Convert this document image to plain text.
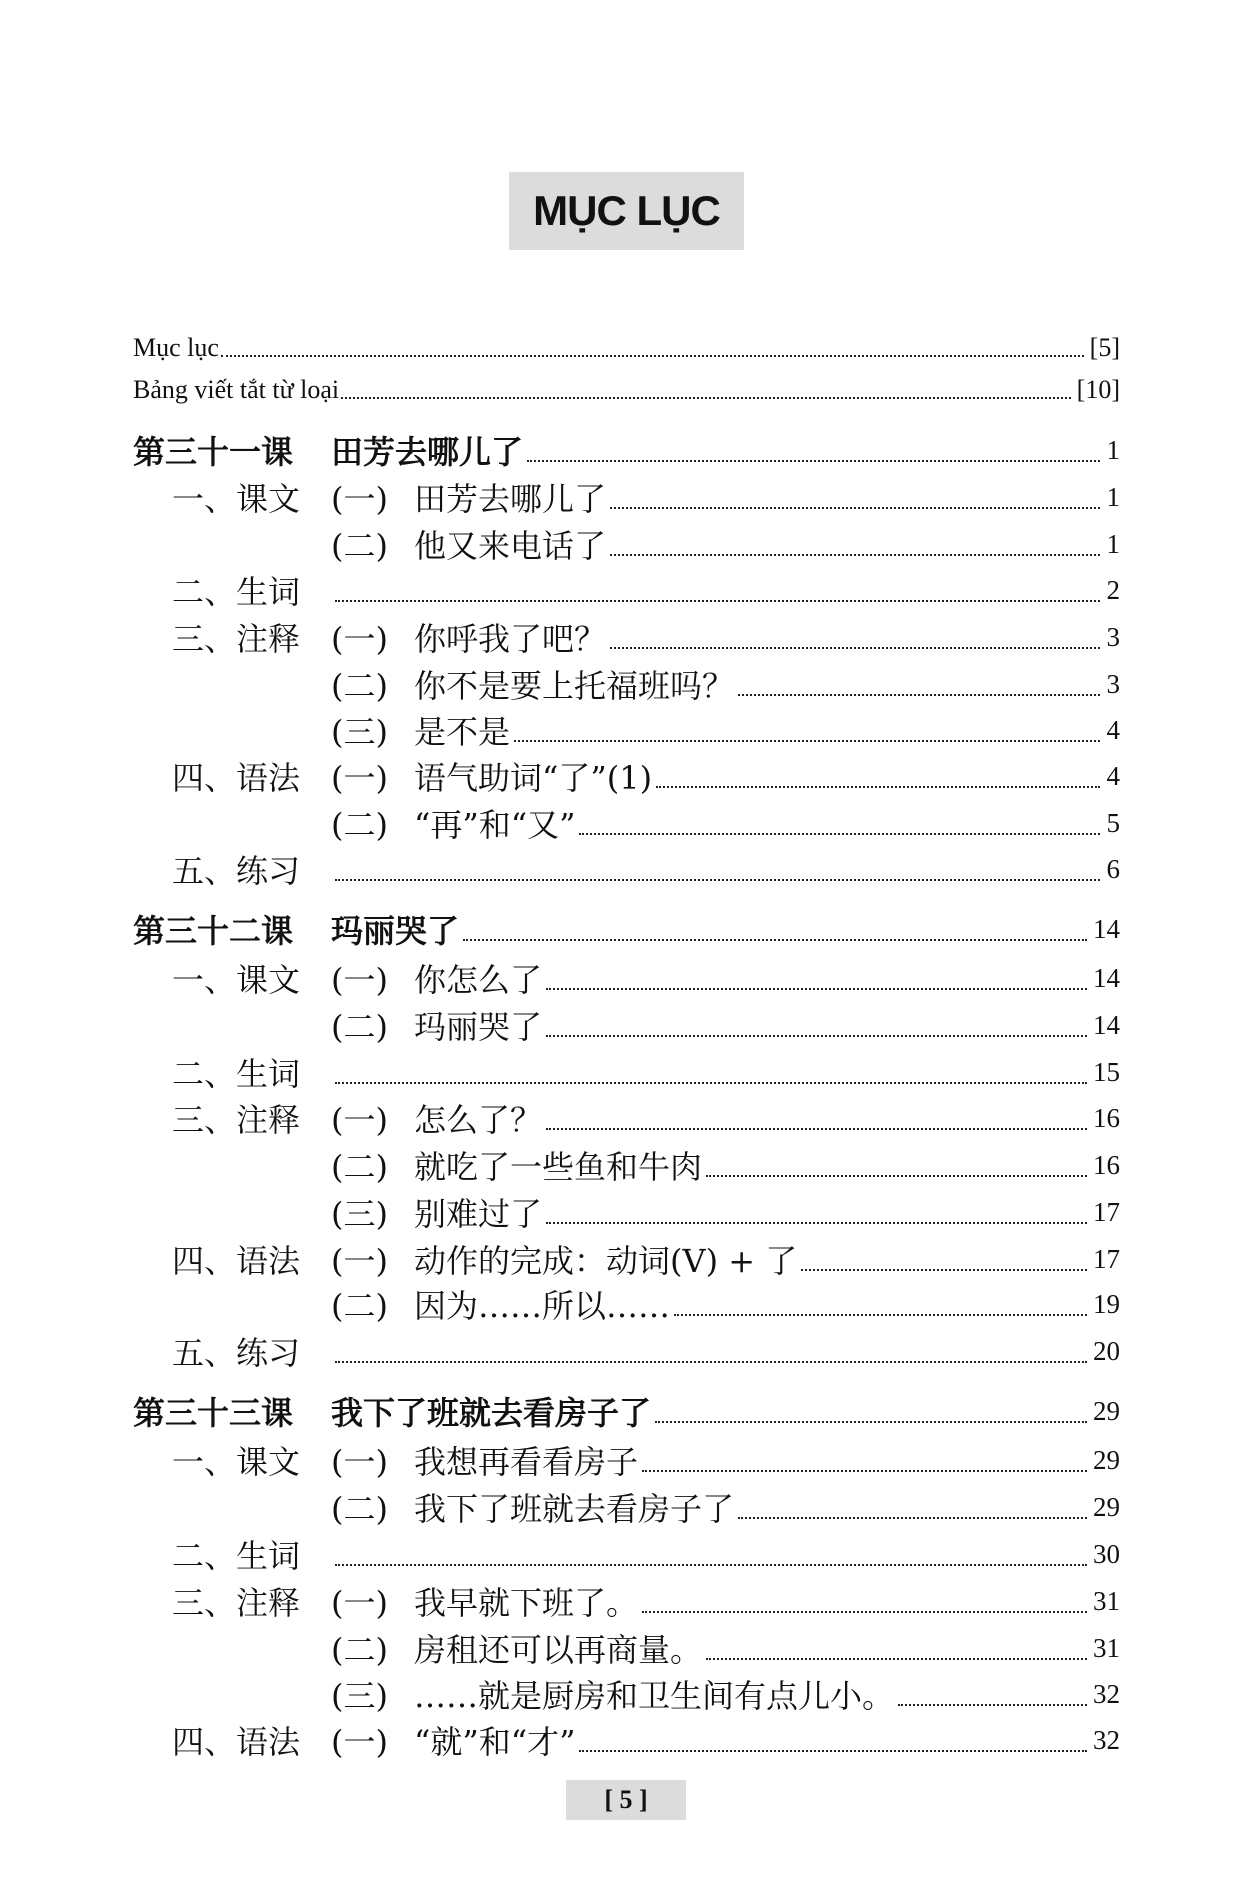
MỤC LỤC
Mục lục	[5]
Bảng viết tắt từ loại	[10]
第三十一课	田芳去哪儿了	1
一、课文 (一) 田芳去哪儿了	1
(二) 他又来电话了	1
二、生词	2
三、注释 (一) 你呼我了吧？	3
(二) 你不是要上托福班吗？	3
(三) 是不是	4
四、语法 (一) 语气助词“了”(1)	4
(二) “再”和“又”	5
五、练习	6
第三十二课	玛丽哭了	14
一、课文 (一) 你怎么了	14
(二) 玛丽哭了	14
二、生词	15
三、注释 (一) 怎么了？	16
(二) 就吃了一些鱼和牛肉	16
(三) 别难过了	17
四、语法 (一) 动作的完成：动词(V) + 了	17
(二) 因为……所以……	19
五、练习	20
第三十三课	我下了班就去看房子了	29
一、课文 (一) 我想再看看房子	29
(二) 我下了班就去看房子了	29
二、生词	30
三、注释 (一) 我早就下班了。	31
(二) 房租还可以再商量。	31
(三) ……就是厨房和卫生间有点儿小。	32
四、语法 (一) “就”和“才”	32
[ 5 ]
